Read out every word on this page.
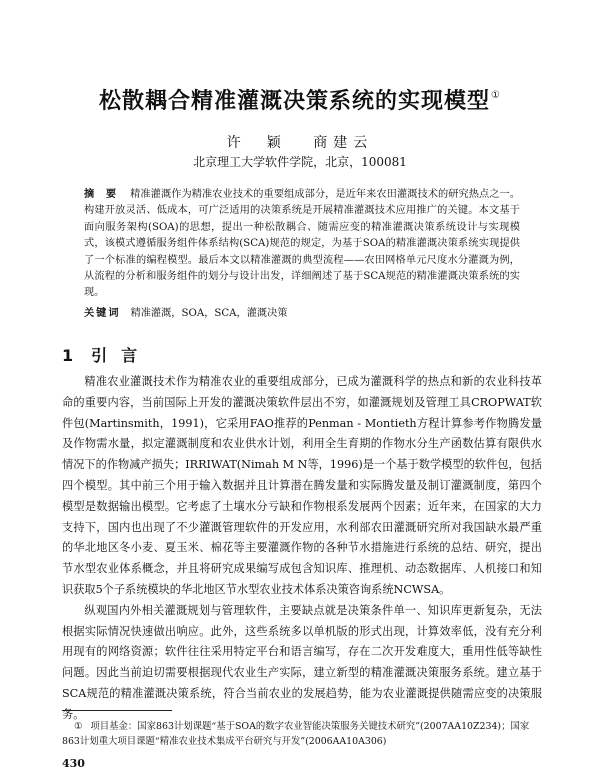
松散耦合精准灌溉决策系统的实现模型①
许　颖 商建云
北京理工大学软件学院，北京，100081
摘 要 精准灌溉作为精准农业技术的重要组成部分，是近年来农田灌溉技术的研究热点之一。构建开放灵活、低成本，可广泛适用的决策系统是开展精准灌溉技术应用推广的关键。本文基于面向服务架构(SOA)的思想，提出一种松散耦合、随需应变的精准灌溉决策系统设计与实现模式，该模式遵循服务组件体系结构(SCA)规范的规定，为基于SOA的精准灌溉决策系统实现提供了一个标准的编程模型。最后本文以精准灌溉的典型流程——农田网格单元尺度水分灌溉为例，从流程的分析和服务组件的划分与设计出发，详细阐述了基于SCA规范的精准灌溉决策系统的实现。
关键词 精准灌溉，SOA，SCA，灌溉决策
1 引言

精准农业灌溉技术作为精准农业的重要组成部分，已成为灌溉科学的热点和新的农业科技革命的重要内容，当前国际上开发的灌溉决策软件层出不穷，如灌溉规划及管理工具CROPWAT软件包(Martinsmith，1991)，它采用FAO推荐的Penman - Montieth方程计算参考作物腾发量及作物需水量，拟定灌溉制度和农业供水计划，利用全生育期的作物水分生产函数估算有限供水情况下的作物减产损失；IRRIWAT(Nimah M N等，1996)是一个基于数学模型的软件包，包括四个模型。其中前三个用于输入数据并且计算潜在腾发量和实际腾发量及制订灌溉制度，第四个模型是数据输出模型。它考虑了土壤水分亏缺和作物根系发展两个因素；近年来，在国家的大力支持下，国内也出现了不少灌溉管理软件的开发应用，水利部农田灌溉研究所对我国缺水最严重的华北地区冬小麦、夏玉米、棉花等主要灌溉作物的各种节水措施进行系统的总结、研究，提出节水型农业体系概念，并且将研究成果编写成包含知识库、推理机、动态数据库、人机接口和知识获取5个子系统模块的华北地区节水型农业技术体系决策咨询系统NCWSA。

纵观国内外相关灌溉规划与管理软件，主要缺点就是决策条件单一、知识库更新复杂，无法根据实际情况快速做出响应。此外，这些系统多以单机版的形式出现，计算效率低，没有充分利用现有的网络资源；软件往往采用特定平台和语言编写，存在二次开发难度大，重用性低等缺性问题。因此当前迫切需要根据现代农业生产实际，建立新型的精准灌溉决策服务系统。建立基于SCA规范的精准灌溉决策系统，符合当前农业的发展趋势，能为农业灌溉提供随需应变的决策服务。

① 项目基金：国家863计划课题“基于SOA的数字农业智能决策服务关键技术研究”(2007AA10Z234)；国家863计划重大项目课题“精准农业技术集成平台研究与开发”(2006AA10A306)
430
